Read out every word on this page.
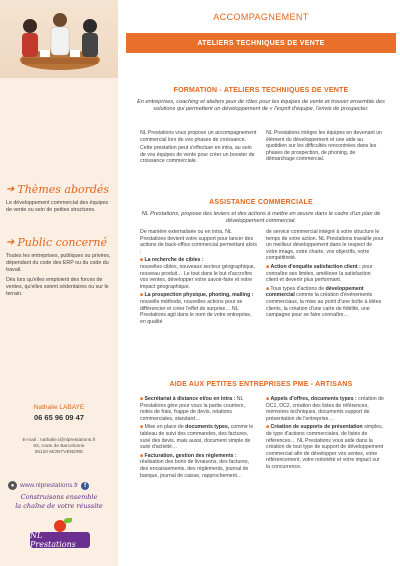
➔ Thèmes abordés
Le développement commercial des équipes de vente ou sein de petites structures.
➔ Public concerné
Toutes les entreprises, publiques ou privées, dépendant du code des ERP ou du code du travail.
Dès lors qu'elles emploient des forces de ventes, qu'elles soient sédentaires ou sur le terrain.
Nathalie LABAYE
06 65 96 09 47
E-mail : nathalie.l@nlprestations.fr
93, route de Barcelonne
26120 MONTVENDRE
● www.nlprestations.fr	f
Construisons ensemble
la chaîne de votre réussite
NL Prestations
ACCOMPAGNEMENT
ATELIERS TECHNIQUES DE VENTE
FORMATION - ATELIERS TECHNIQUES DE VENTE
En entreprises, coaching et ateliers jeux de rôles pour les équipes de vente et trouver ensemble des solutions qui permettent un développement de « l'esprit d'équipe, l'envie de prospecter.

NL Prestations vous propose un accompagnement commercial lors de vos phases de croissance.

Cette prestation peut s'effectuer en intra, au sein de vos équipes de vente pour créer un booster de croissance commerciale.

NL Prestations intègre les équipes en devenant un élément du développement et une aide au quotidien sur les difficultés rencontrées dans les phases de prospection, de phoning, de démarchage commercial.

ASSISTANCE COMMERCIALE
NL Prestations, propose des leviers et des actions à mettre en œuvre dans le cadre d'un plan de développement commercial.

De manière externalisée ou en intra, NL Prestations devient votre support pour lancer des actions de back-office commercial permettant alors :

■ La recherche de cibles :
nouvelles cibles, nouveaux secteur géographique, nouveau produit… Le tout dans le but d'accroître vos ventes, développer votre savoir-faire et votre impact géographique.

■ La prospection physique, phoning, mailing :
nouvelle méthode, nouvelles actions pour se différencier et créer l'effet de surprise… NL Prestations agit dans le nom de votre entreprise, en qualité

de service commercial intégré à votre structure le temps de votre action. NL Prestations travaille pour un meilleur développement dans le respect de votre image, votre charte, vos objectifs, votre compétitivité.

■ Action d'enquête satisfaction client : pour connaître ses limites, améliorer la satisfaction client et devenir plus performant.

■ Tous types d'actions de développement commercial comme la création d'événements commerciaux, la mise au point d'une boîte à idées clients, la création d'une carte de fidélité, une campagne pour se faire connaître…

AIDE AUX PETITES ENTREPRISES PME - ARTISANS

■ Secrétariat à distance et/ou en intra : NL Prestations gère pour vous la partie courriers, notes de frais, frappe de devis, relations commerciales, standard…

■ Mise en place de documents types, comme le tableau de suivi des commandes, des factures, suivi des devis, mais aussi, document simple de suivi d'activité…

■ Facturation, gestion des règlements : réalisation des bons de livraisons, des factures, des encaissements, des règlements, journal de banque, journal de caisse, rapprochement…

■ Appels d'offres, documents types : création de DC1, DC2, création des listes de références, mémoires techniques, documents support de présentation de l'entreprise…

■ Création de supports de présentation simples, de type d'actions commerciales, de listes de références… NL Prestations vous aide dans la création de tout type de support de développement commercial afin de développer vos ventes, votre référencement, votre notoriété et votre impact sur la concurrence.
